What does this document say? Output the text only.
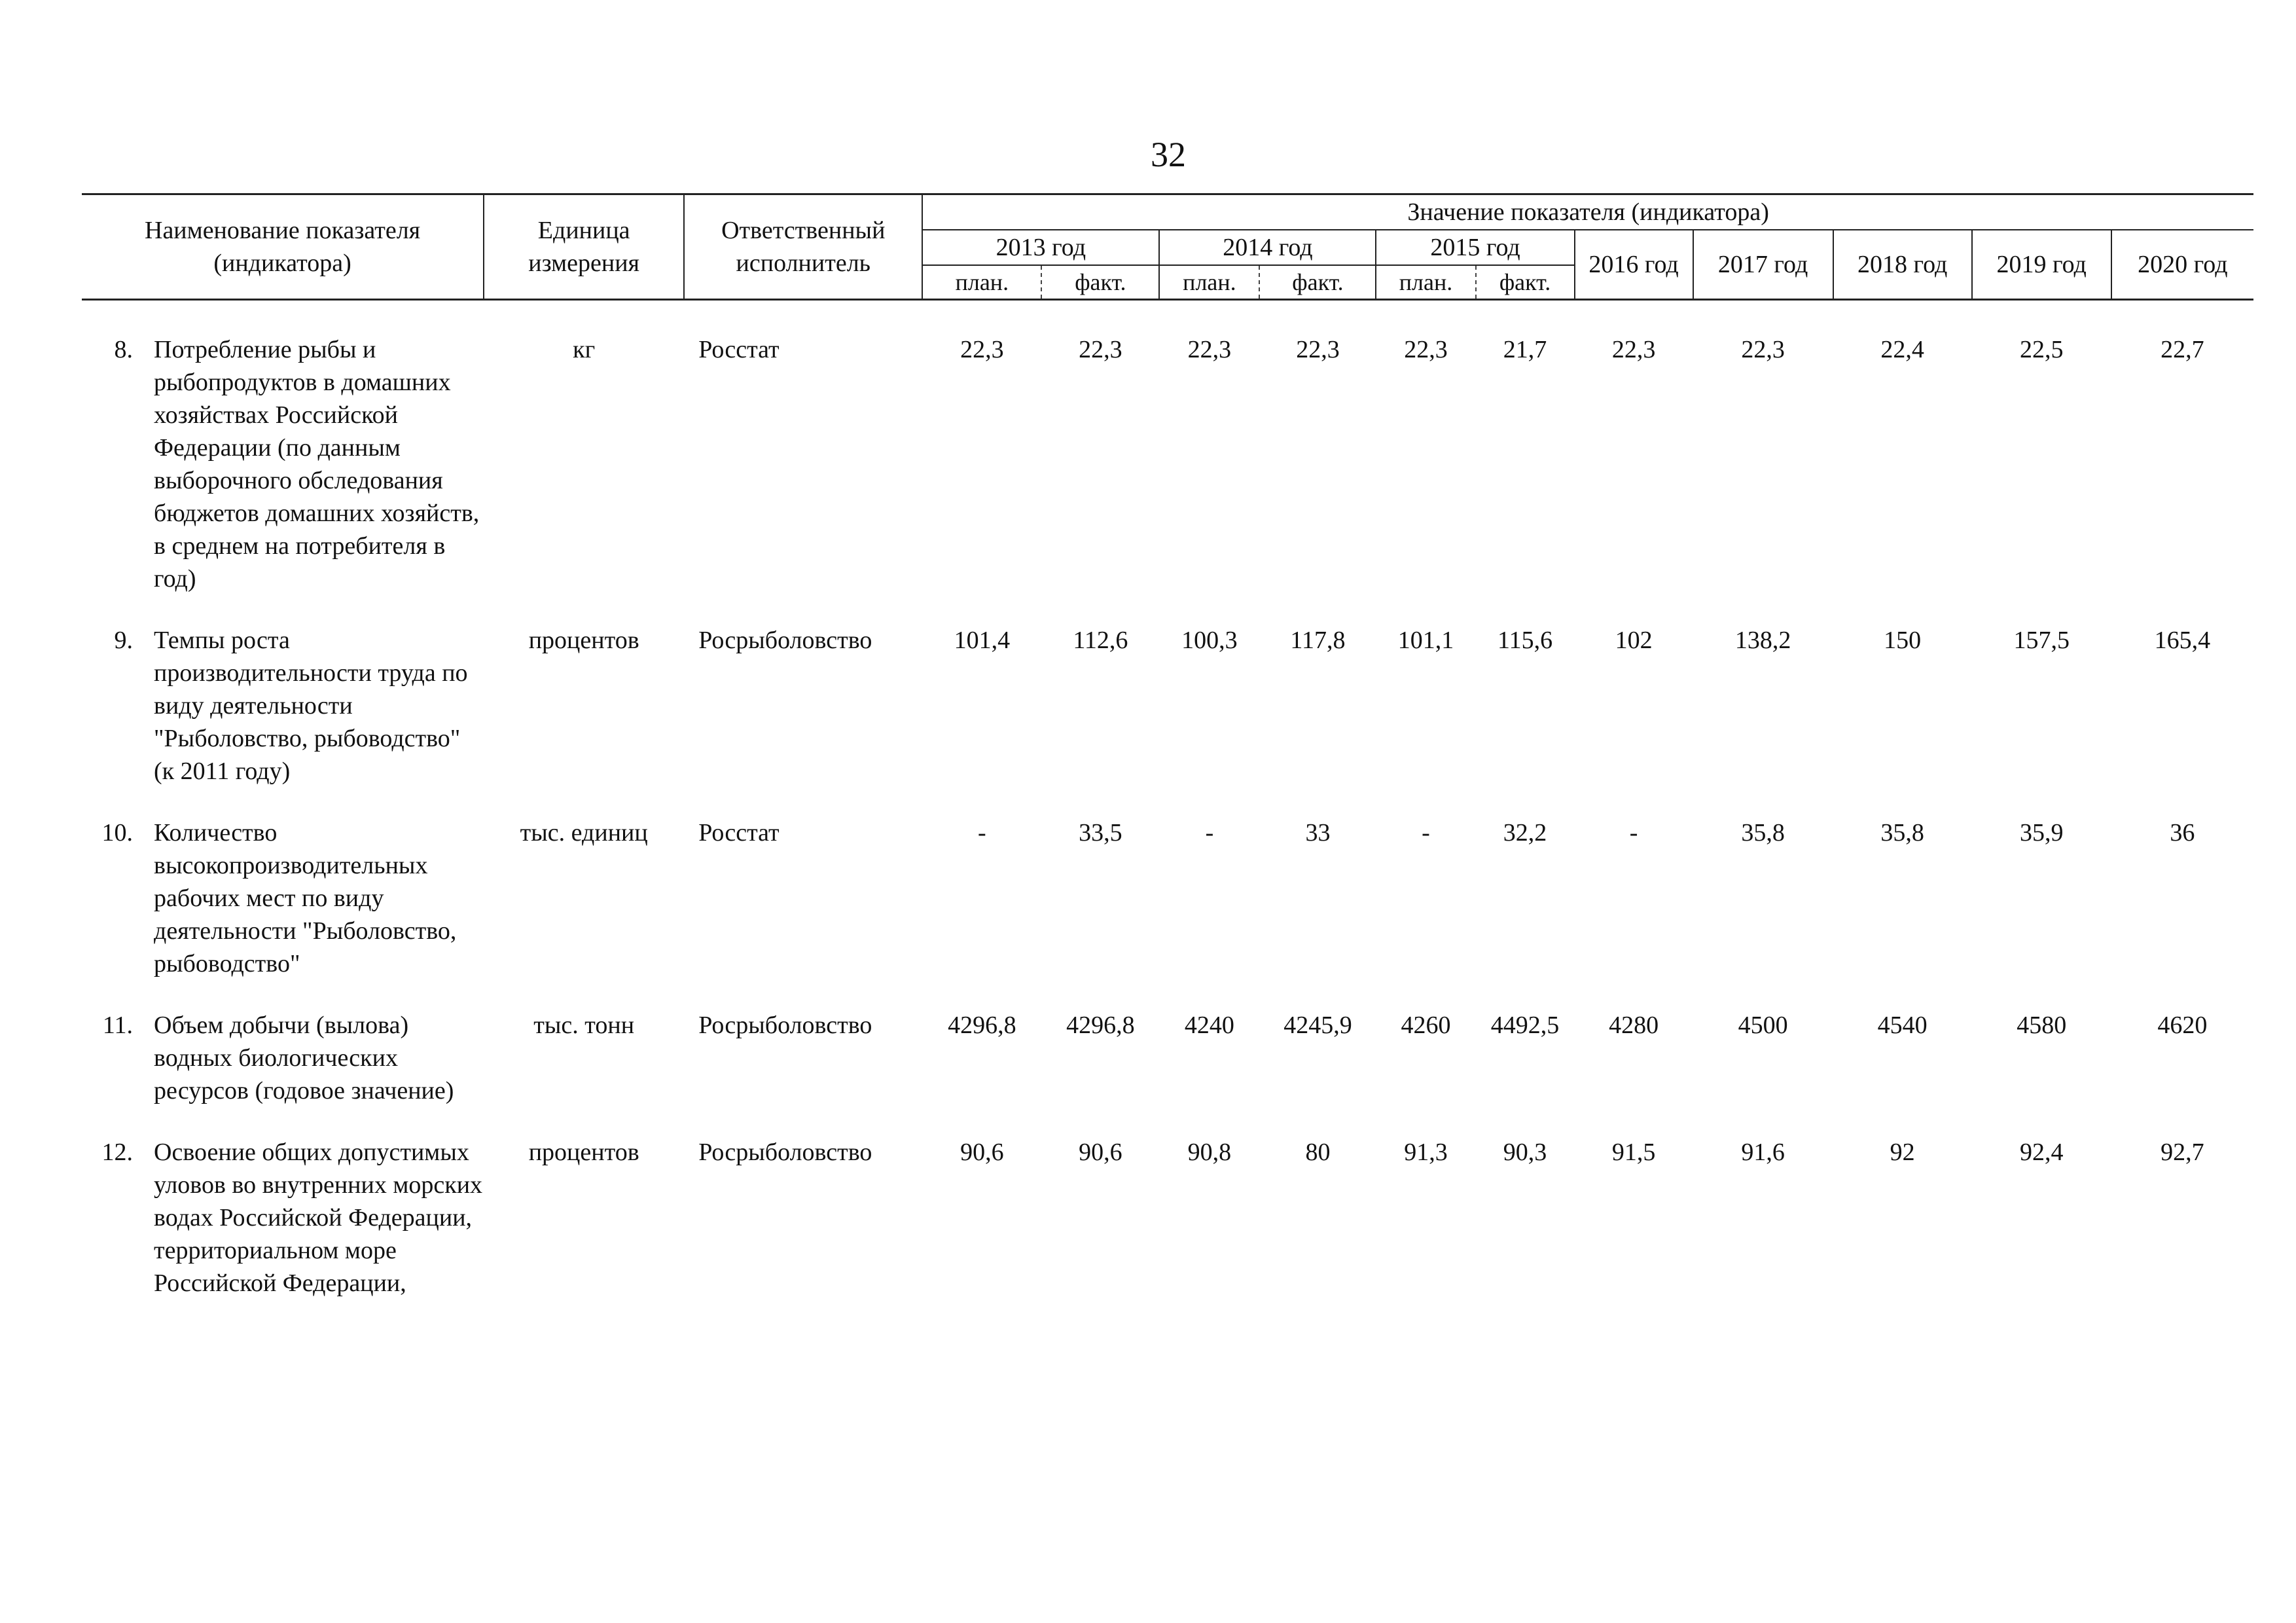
32
Наименование показателя (индикатора)		Единица измерения	Ответственный исполнитель	Значение показателя (индикатора)										
				2013 год		2014 год		2015 год		2016 год	2017 год	2018 год	2019 год	2020 год
				план.	факт.	план.	факт.	план.	факт.					

8.	Потребление рыбы и рыбопродуктов в домашних хозяйствах Российской Федерации (по данным выборочного обследования бюджетов домашних хозяйств, в среднем на потребителя в год)	кг	Росстат	22,3	22,3	22,3	22,3	22,3	21,7	22,3	22,3	22,4	22,5	22,7
9.	Темпы роста производительности труда по виду деятельности "Рыболовство, рыбоводство" (к 2011 году)	процентов	Росрыболовство	101,4	112,6	100,3	117,8	101,1	115,6	102	138,2	150	157,5	165,4
10.	Количество высокопроизводительных рабочих мест по виду деятельности "Рыболовство, рыбоводство"	тыс. единиц	Росстат	-	33,5	-	33	-	32,2	-	35,8	35,8	35,9	36
11.	Объем добычи (вылова) водных биологических ресурсов (годовое значение)	тыс. тонн	Росрыболовство	4296,8	4296,8	4240	4245,9	4260	4492,5	4280	4500	4540	4580	4620
12.	Освоение общих допустимых уловов во внутренних морских водах Российской Федерации, территориальном море Российской Федерации,	процентов	Росрыболовство	90,6	90,6	90,8	80	91,3	90,3	91,5	91,6	92	92,4	92,7
